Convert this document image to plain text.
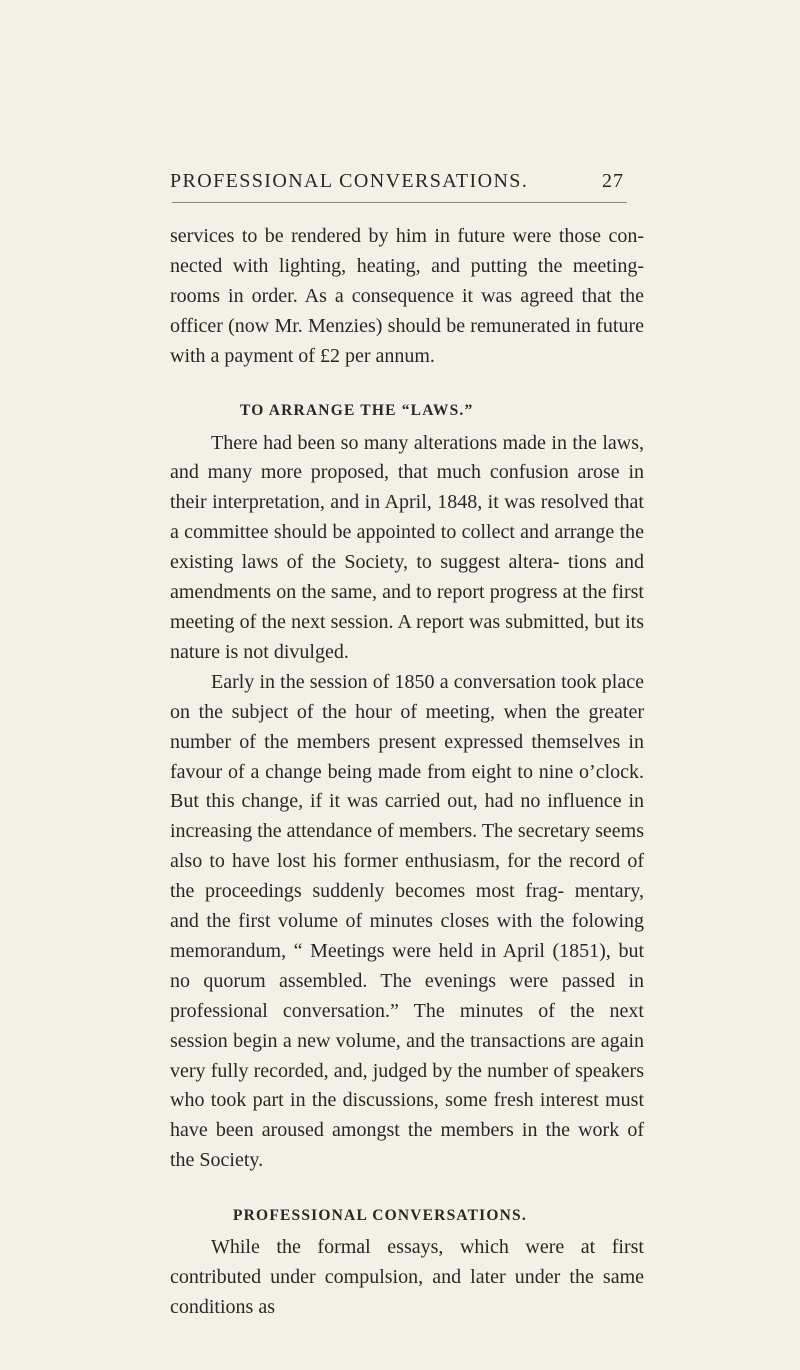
PROFESSIONAL CONVERSATIONS.	27

services to be rendered by him in future were those con- nected with lighting, heating, and putting the meeting- rooms in order. As a consequence it was agreed that the officer (now Mr. Menzies) should be remunerated in future with a payment of £2 per annum.

TO ARRANGE THE “LAWS.”

There had been so many alterations made in the laws, and many more proposed, that much confusion arose in their interpretation, and in April, 1848, it was resolved that a committee should be appointed to collect and arrange the existing laws of the Society, to suggest altera- tions and amendments on the same, and to report progress at the first meeting of the next session. A report was submitted, but its nature is not divulged.

Early in the session of 1850 a conversation took place on the subject of the hour of meeting, when the greater number of the members present expressed themselves in favour of a change being made from eight to nine o’clock. But this change, if it was carried out, had no influence in increasing the attendance of members. The secretary seems also to have lost his former enthusiasm, for the record of the proceedings suddenly becomes most frag- mentary, and the first volume of minutes closes with the folowing memorandum, “ Meetings were held in April (1851), but no quorum assembled. The evenings were passed in professional conversation.” The minutes of the next session begin a new volume, and the transactions are again very fully recorded, and, judged by the number of speakers who took part in the discussions, some fresh interest must have been aroused amongst the members in the work of the Society.

PROFESSIONAL CONVERSATIONS.

While the formal essays, which were at first contributed under compulsion, and later under the same conditions as
